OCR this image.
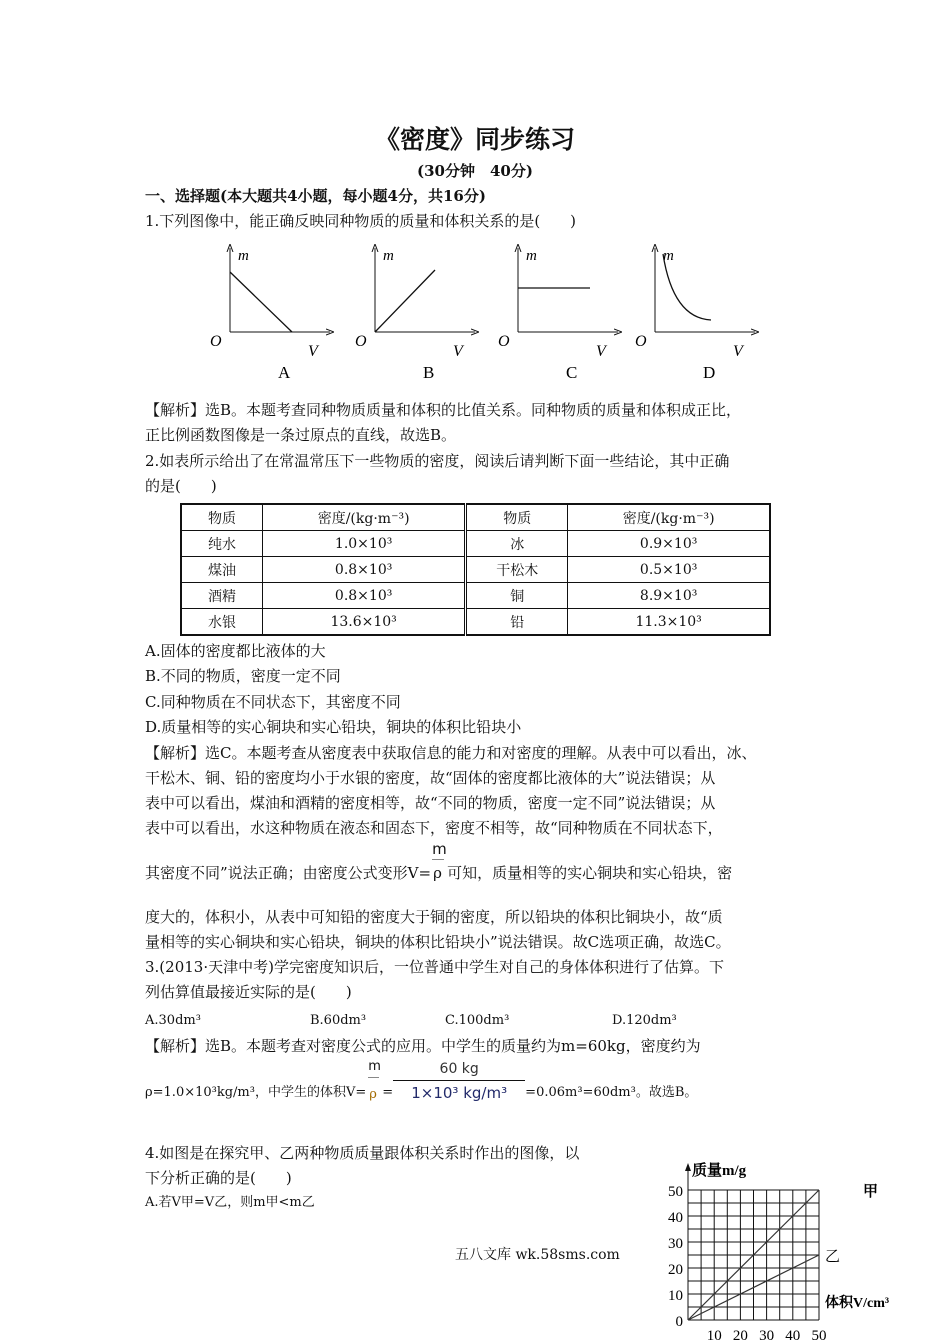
《密度》同步练习
(30分钟　40分)
一、选择题(本大题共4小题，每小题4分，共16分)
1.下列图像中，能正确反映同种物质的质量和体积关系的是(　　)
m
O
V
A
m
O
V
B
m
O
V
C
m
O
V
D
【解析】选B。本题考查同种物质质量和体积的比值关系。同种物质的质量和体积成正比，
正比例函数图像是一条过原点的直线，故选B。
2.如表所示给出了在常温常压下一些物质的密度，阅读后请判断下面一些结论，其中正确
的是(　　)
物质	密度/(kg·m⁻³)	物质	密度/(kg·m⁻³)
纯水	1.0×10³	冰	0.9×10³
煤油	0.8×10³	干松木	0.5×10³
酒精	0.8×10³	铜	8.9×10³
水银	13.6×10³	铅	11.3×10³
A.固体的密度都比液体的大
B.不同的物质，密度一定不同
C.同种物质在不同状态下，其密度不同
D.质量相等的实心铜块和实心铅块，铜块的体积比铅块小
【解析】选C。本题考查从密度表中获取信息的能力和对密度的理解。从表中可以看出，冰、
干松木、铜、铅的密度均小于水银的密度，故“固体的密度都比液体的大”说法错误；从
表中可以看出，煤油和酒精的密度相等，故“不同的物质，密度一定不同”说法错误；从
表中可以看出，水这种物质在液态和固态下，密度不相等，故“同种物质在不同状态下，
其密度不同”说法正确；由密度公式变形$V= \frac{m}{\rho}$ 可知，质量相等的实心铜块和实心铅块，密
度大的，体积小，从表中可知铅的密度大于铜的密度，所以铅块的体积比铜块小，故“质
量相等的实心铜块和实心铅块，铜块的体积比铅块小”说法错误。故C选项正确，故选C。
3.(2013·天津中考)学完密度知识后，一位普通中学生对自己的身体体积进行了估算。下
列估算值最接近实际的是(　　)
A.30dm³	B.60dm³	C.100dm³	D.120dm³
【解析】选B。本题考查对密度公式的应用。中学生的质量约为m=60kg，密度约为
ρ=1.0×10³kg/m³，中学生的体积$V= \frac{m}{\rho} = \frac{60 kg}{\text{1×10³ kg/m³}} =0.06m^3=60dm^3$。故选B。
4.如图是在探究甲、乙两种物质质量跟体积关系时作出的图像，以
下分析正确的是(　　)
A.若V甲=V乙，则m甲<m乙
五八文库 wk.58sms.com
甲
乙
0
10
20
30
40
50
10 20 30 40 50
质量m/g
体积V/cm³
